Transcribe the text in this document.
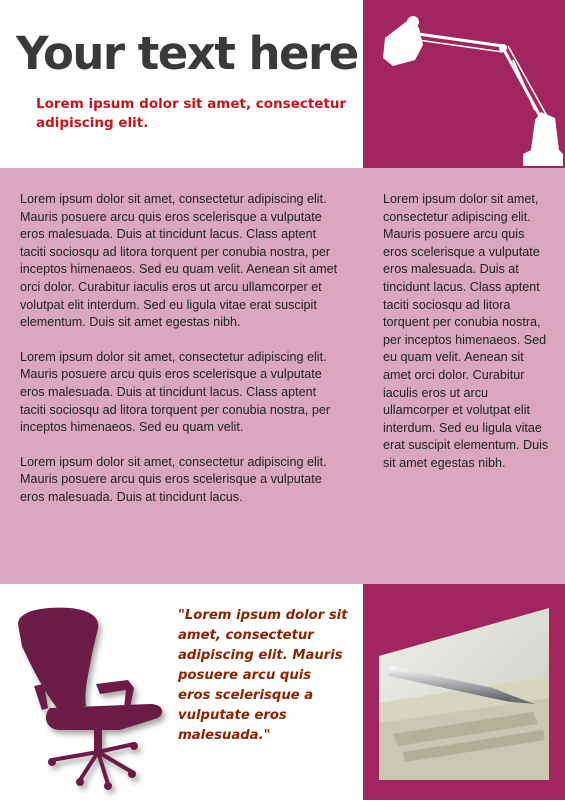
Your text here
Lorem ipsum dolor sit amet, consectetur adipiscing elit.

Lorem ipsum dolor sit amet, consectetur adipiscing elit. Mauris posuere arcu quis eros scelerisque a vulputate eros malesuada. Duis at tincidunt lacus. Class aptent taciti sociosqu ad litora torquent per conubia nostra, per inceptos himenaeos. Sed eu quam velit. Aenean sit amet orci dolor. Curabitur iaculis eros ut arcu ullamcorper et volutpat elit interdum. Sed eu ligula vitae erat suscipit elementum. Duis sit amet egestas nibh.

Lorem ipsum dolor sit amet, consectetur adipiscing elit. Mauris posuere arcu quis eros scelerisque a vulputate eros malesuada. Duis at tincidunt lacus. Class aptent taciti sociosqu ad litora torquent per conubia nostra, per inceptos himenaeos. Sed eu quam velit.

Lorem ipsum dolor sit amet, consectetur adipiscing elit. Mauris posuere arcu quis eros scelerisque a vulputate eros malesuada. Duis at tincidunt lacus.

Lorem ipsum dolor sit amet, consectetur adipiscing elit. Mauris posuere arcu quis eros scelerisque a vulputate eros malesuada. Duis at tincidunt lacus. Class aptent taciti sociosqu ad litora torquent per conubia nostra, per inceptos himenaeos. Sed eu quam velit. Aenean sit amet orci dolor. Curabitur iaculis eros ut arcu ullamcorper et volutpat elit interdum. Sed eu ligula vitae erat suscipit elementum. Duis sit amet egestas nibh.

"Lorem ipsum dolor sit amet, consectetur adipiscing elit. Mauris posuere arcu quis eros scelerisque a vulputate eros malesuada."
